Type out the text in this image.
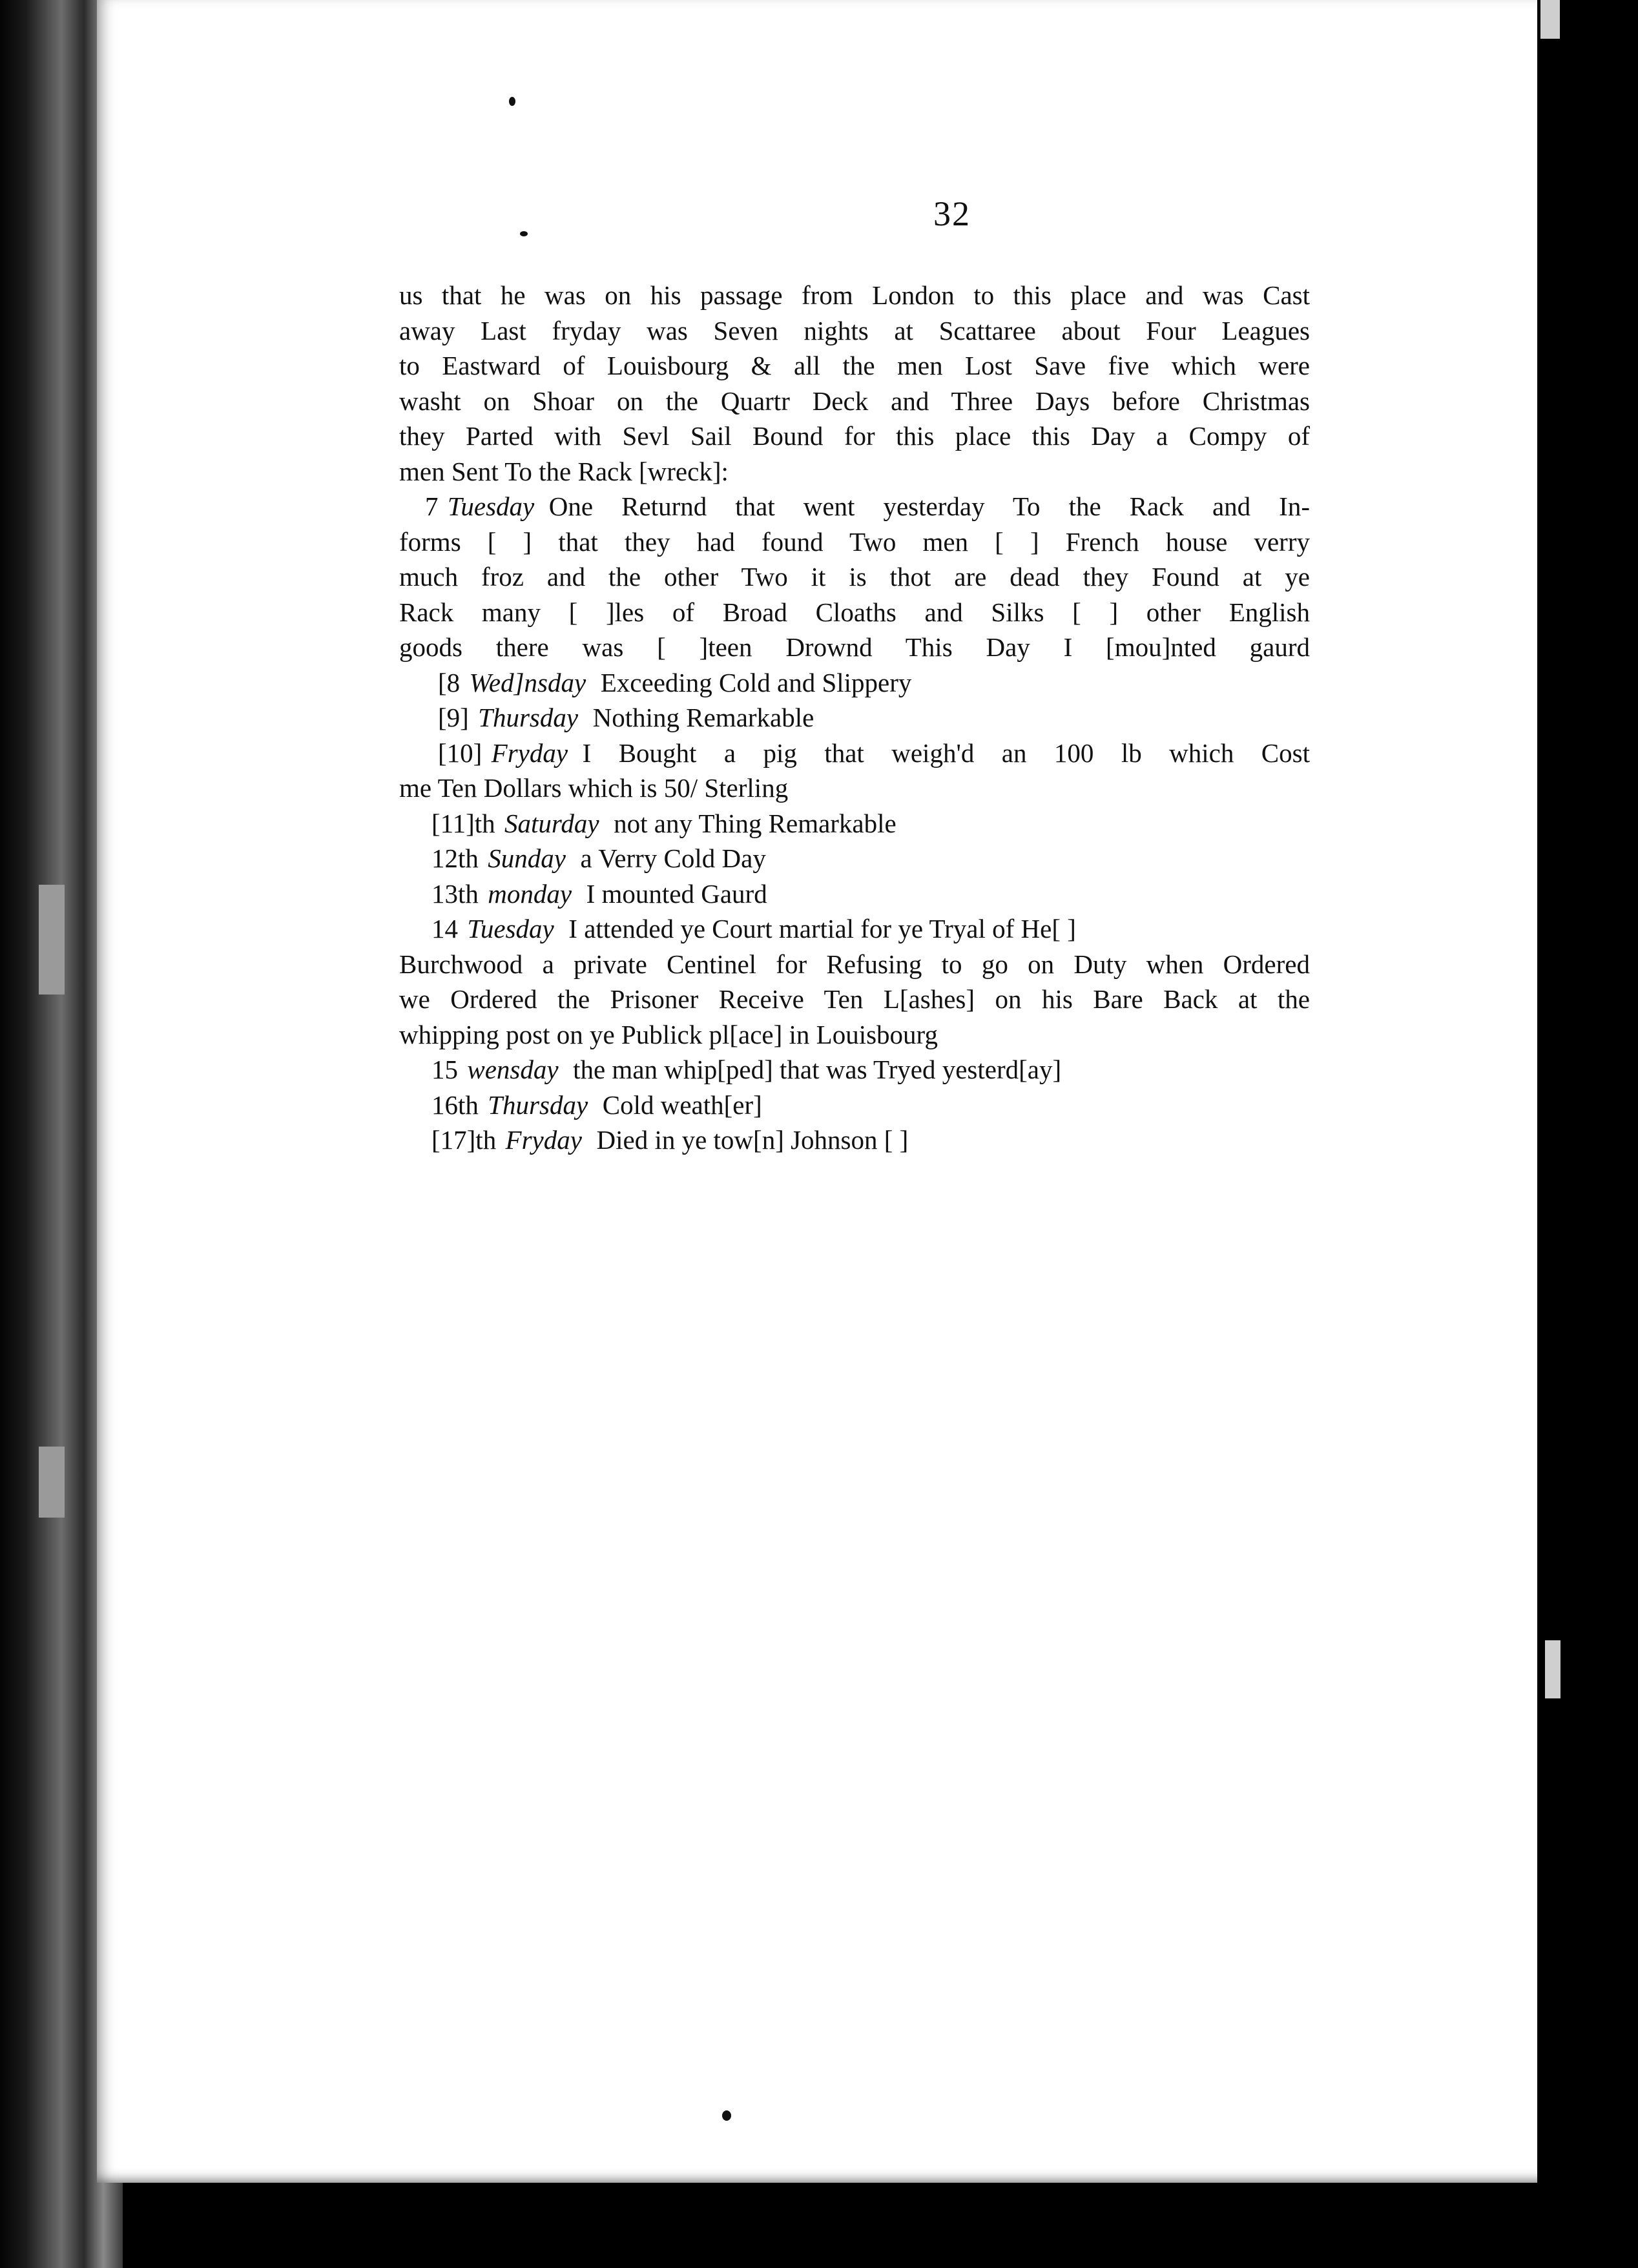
32
us that he was on his passage from London to this place and was Cast
away Last fryday was Seven nights at Scattaree about Four Leagues
to Eastward of Louisbourg & all the men Lost Save five which were
washt on Shoar on the Quartr Deck and Three Days before Christmas
they Parted with Sevl Sail Bound for this place this Day a Compy of
men Sent To the Rack [wreck]:
7 Tuesday One Returnd that went yesterday To the Rack and In-
forms [ ] that they had found Two men [ ] French house verry
much froz and the other Two it is thot are dead they Found at ye
Rack many [ ]les of Broad Cloaths and Silks [ ] other English
goods there was [ ]teen Drownd This Day I [mou]nted gaurd
[8 Wed]nsday Exceeding Cold and Slippery
[9] Thursday Nothing Remarkable
[10] Fryday I Bought a pig that weigh'd an 100 lb which Cost
me Ten Dollars which is 50/ Sterling
[11]th Saturday not any Thing Remarkable
12th Sunday a Verry Cold Day
13th monday I mounted Gaurd
14 Tuesday I attended ye Court martial for ye Tryal of He[ ]
Burchwood a private Centinel for Refusing to go on Duty when Ordered
we Ordered the Prisoner Receive Ten L[ashes] on his Bare Back at the
whipping post on ye Publick pl[ace] in Louisbourg
15 wensday the man whip[ped] that was Tryed yesterd[ay]
16th Thursday Cold weath[er]
[17]th Fryday Died in ye tow[n] Johnson [ ]
